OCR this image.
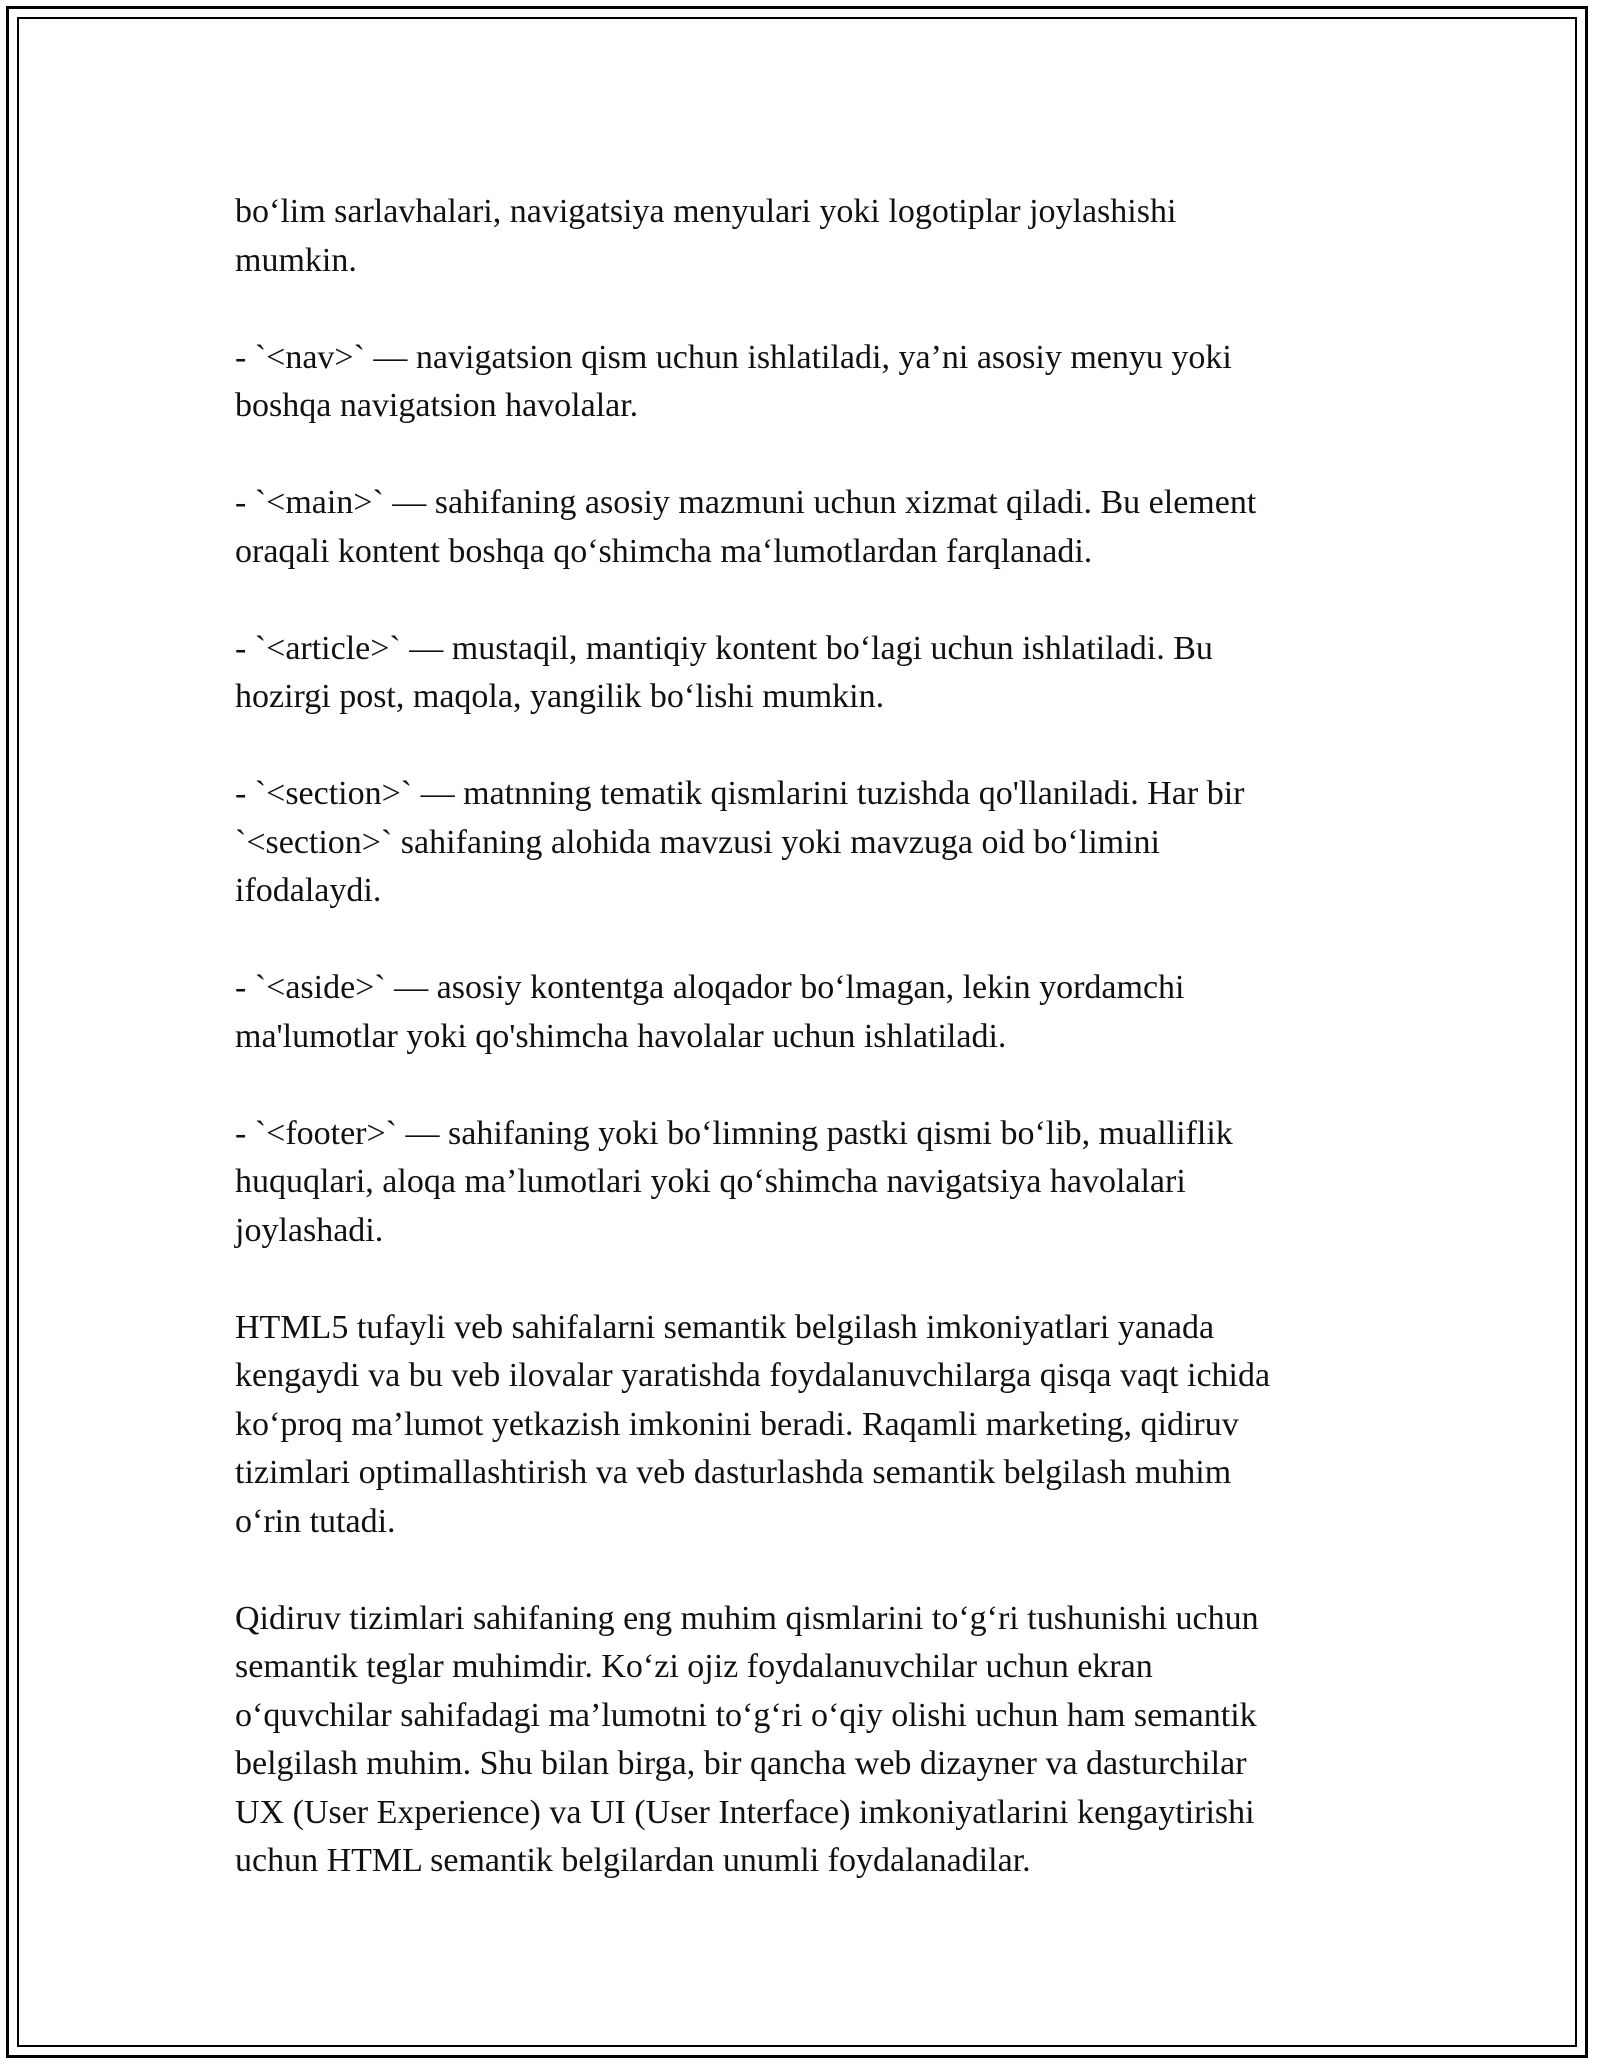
bo‘lim sarlavhalari, navigatsiya menyulari yoki logotiplar joylashishi
mumkin.

- `<nav>` — navigatsion qism uchun ishlatiladi, ya’ni asosiy menyu yoki
boshqa navigatsion havolalar.

- `<main>` — sahifaning asosiy mazmuni uchun xizmat qiladi. Bu element
oraqali kontent boshqa qo‘shimcha ma‘lumotlardan farqlanadi.

- `<article>` — mustaqil, mantiqiy kontent bo‘lagi uchun ishlatiladi. Bu
hozirgi post, maqola, yangilik bo‘lishi mumkin.

- `<section>` — matnning tematik qismlarini tuzishda qo'llaniladi. Har bir
`<section>` sahifaning alohida mavzusi yoki mavzuga oid bo‘limini
ifodalaydi.

- `<aside>` — asosiy kontentga aloqador bo‘lmagan, lekin yordamchi
ma'lumotlar yoki qo'shimcha havolalar uchun ishlatiladi.

- `<footer>` — sahifaning yoki bo‘limning pastki qismi bo‘lib, mualliflik
huquqlari, aloqa ma’lumotlari yoki qo‘shimcha navigatsiya havolalari
joylashadi.

HTML5 tufayli veb sahifalarni semantik belgilash imkoniyatlari yanada
kengaydi va bu veb ilovalar yaratishda foydalanuvchilarga qisqa vaqt ichida
ko‘proq ma’lumot yetkazish imkonini beradi. Raqamli marketing, qidiruv
tizimlari optimallashtirish va veb dasturlashda semantik belgilash muhim
o‘rin tutadi.

Qidiruv tizimlari sahifaning eng muhim qismlarini to‘g‘ri tushunishi uchun
semantik teglar muhimdir. Ko‘zi ojiz foydalanuvchilar uchun ekran
o‘quvchilar sahifadagi ma’lumotni to‘g‘ri o‘qiy olishi uchun ham semantik
belgilash muhim. Shu bilan birga, bir qancha web dizayner va dasturchilar
UX (User Experience) va UI (User Interface) imkoniyatlarini kengaytirishi
uchun HTML semantik belgilardan unumli foydalanadilar.
